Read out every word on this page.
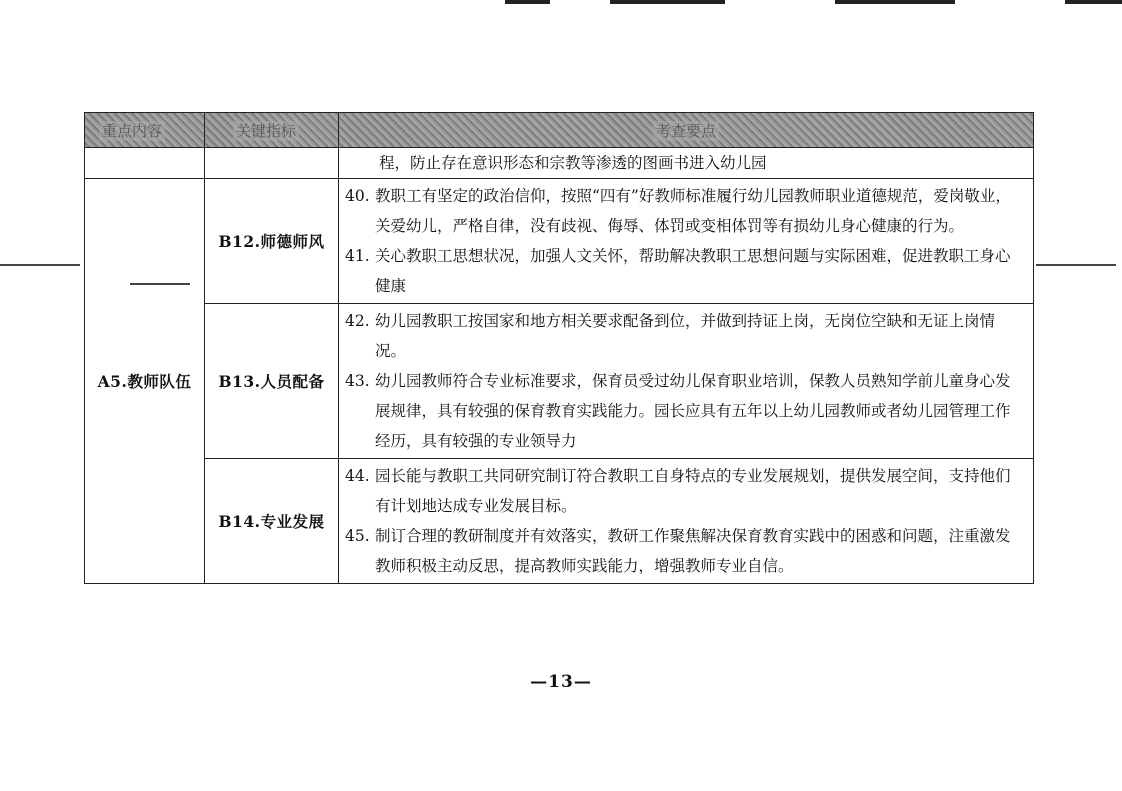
重点内容	关键指标	考查要点
		程，防止存在意识形态和宗教等渗透的图画书进入幼儿园
A5.教师队伍	B12.师德师风	40. 教职工有坚定的政治信仰，按照“四有”好教师标准履行幼儿园教师职业道德规范，爱岗敬业，关爱幼儿，严格自律，没有歧视、侮辱、体罚或变相体罚等有损幼儿身心健康的行为。
41. 关心教职工思想状况，加强人文关怀，帮助解决教职工思想问题与实际困难，促进教职工身心健康

	B13.人员配备	42. 幼儿园教职工按国家和地方相关要求配备到位，并做到持证上岗，无岗位空缺和无证上岗情况。
43. 幼儿园教师符合专业标准要求，保育员受过幼儿保育职业培训，保教人员熟知学前儿童身心发展规律，具有较强的保育教育实践能力。园长应具有五年以上幼儿园教师或者幼儿园管理工作经历，具有较强的专业领导力

	B14.专业发展	44. 园长能与教职工共同研究制订符合教职工自身特点的专业发展规划，提供发展空间，支持他们有计划地达成专业发展目标。
45. 制订合理的教研制度并有效落实，教研工作聚焦解决保育教育实践中的困惑和问题，注重激发教师积极主动反思，提高教师实践能力，增强教师专业自信。
—13—
